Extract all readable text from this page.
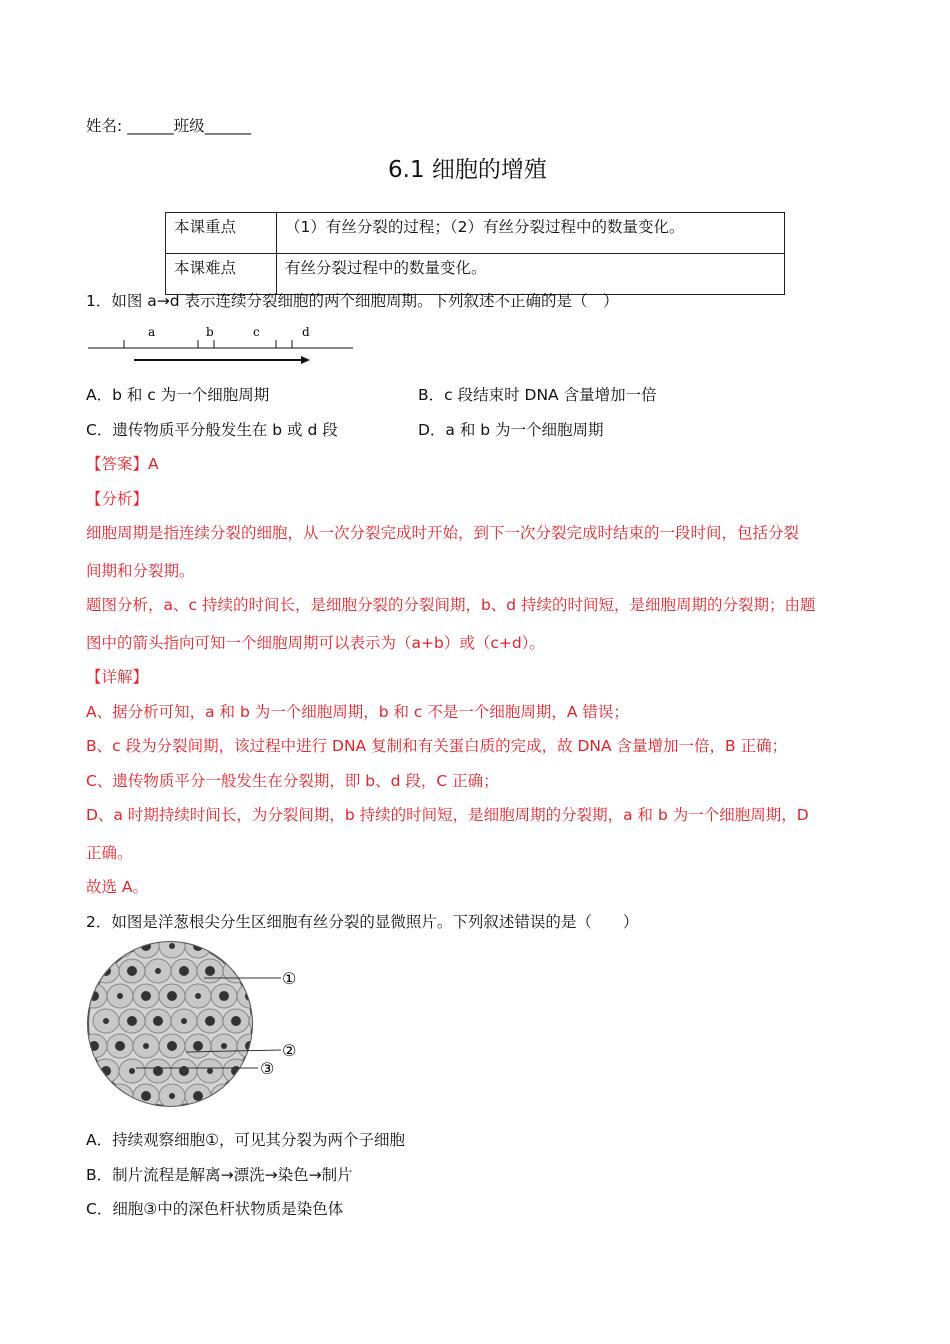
姓名: ______班级______
6.1 细胞的增殖
本课重点	（1）有丝分裂的过程；（2）有丝分裂过程中的数量变化。
本课难点	有丝分裂过程中的数量变化。
1．如图 a→d 表示连续分裂细胞的两个细胞周期。下列叙述不正确的是（　）
a	b	c	d
A．b 和 c 为一个细胞周期	B．c 段结束时 DNA 含量增加一倍
C．遗传物质平分般发生在 b 或 d 段	D．a 和 b 为一个细胞周期
【答案】A
【分析】
细胞周期是指连续分裂的细胞，从一次分裂完成时开始，到下一次分裂完成时结束的一段时间，包括分裂
间期和分裂期。
题图分析，a、c 持续的时间长，是细胞分裂的分裂间期，b、d 持续的时间短，是细胞周期的分裂期；由题
图中的箭头指向可知一个细胞周期可以表示为（a+b）或（c+d）。
【详解】
A、据分析可知，a 和 b 为一个细胞周期，b 和 c 不是一个细胞周期，A 错误；
B、c 段为分裂间期，该过程中进行 DNA 复制和有关蛋白质的完成，故 DNA 含量增加一倍，B 正确；
C、遗传物质平分一般发生在分裂期，即 b、d 段，C 正确；
D、a 时期持续时间长，为分裂间期，b 持续的时间短，是细胞周期的分裂期，a 和 b 为一个细胞周期，D
正确。
故选 A。
2．如图是洋葱根尖分生区细胞有丝分裂的显微照片。下列叙述错误的是（　　）
①
②
③
A．持续观察细胞①，可见其分裂为两个子细胞
B．制片流程是解离→漂洗→染色→制片
C．细胞③中的深色杆状物质是染色体
